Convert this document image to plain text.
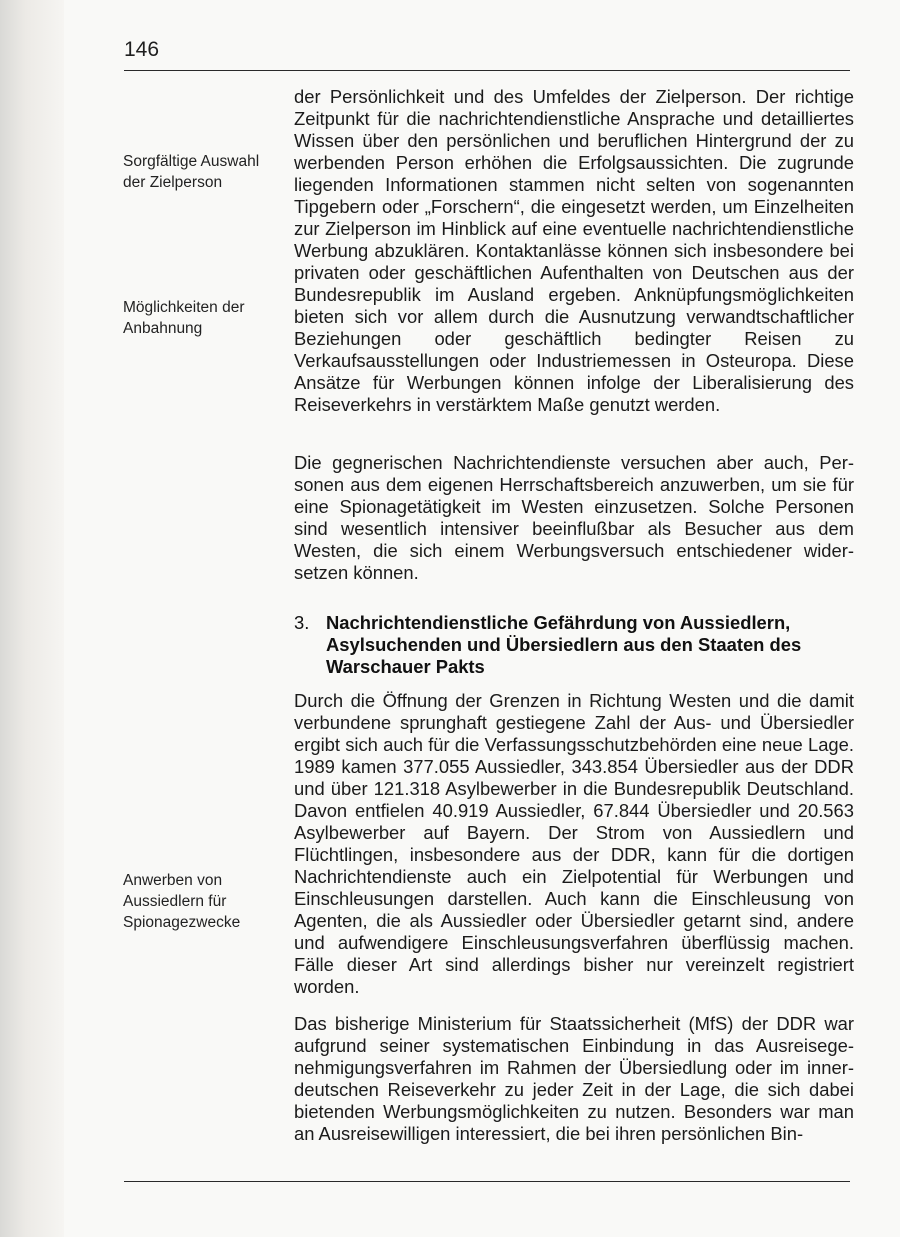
146
Sorgfältige Auswahl der Zielperson
Möglichkeiten der Anbahnung
Anwerben von Aussiedlern für Spionagezwecke
der Persönlichkeit und des Umfeldes der Zielperson. Der richtige Zeitpunkt für die nachrichtendienstliche Ansprache und detailliertes Wissen über den persönlichen und beruflichen Hintergrund der zu werbenden Person erhöhen die Erfolgsaussichten. Die zugrunde liegenden Informationen stammen nicht selten von sogenannten Tipgebern oder „Forschern“, die eingesetzt werden, um Einzelheiten zur Zielperson im Hinblick auf eine eventuelle nachrichtendienstliche Werbung abzuklären. Kontaktanlässe können sich insbesondere bei privaten oder geschäftlichen Aufenthalten von Deutschen aus der Bundesrepublik im Ausland ergeben. Anknüpfungsmöglichkeiten bieten sich vor allem durch die Ausnutzung verwandtschaftlicher Beziehungen oder geschäftlich bedingter Reisen zu Verkaufsausstellungen oder Industriemessen in Osteuropa. Diese Ansätze für Werbungen können infolge der Liberalisierung des Reiseverkehrs in verstärktem Maße genutzt werden.
Die gegnerischen Nachrichtendienste versuchen aber auch, Personen aus dem eigenen Herrschaftsbereich anzuwerben, um sie für eine Spionagetätigkeit im Westen einzusetzen. Solche Personen sind wesentlich intensiver beeinflußbar als Besucher aus dem Westen, die sich einem Werbungsversuch entschiedener widersetzen können.
3. Nachrichtendienstliche Gefährdung von Aussiedlern, Asylsuchenden und Übersiedlern aus den Staaten des Warschauer Pakts
Durch die Öffnung der Grenzen in Richtung Westen und die damit verbundene sprunghaft gestiegene Zahl der Aus- und Übersiedler ergibt sich auch für die Verfassungsschutzbehörden eine neue Lage. 1989 kamen 377.055 Aussiedler, 343.854 Übersiedler aus der DDR und über 121.318 Asylbewerber in die Bundesrepublik Deutschland. Davon entfielen 40.919 Aussiedler, 67.844 Übersiedler und 20.563 Asylbewerber auf Bayern. Der Strom von Aussiedlern und Flüchtlingen, insbesondere aus der DDR, kann für die dortigen Nachrichtendienste auch ein Zielpotential für Werbungen und Einschleusungen darstellen. Auch kann die Einschleusung von Agenten, die als Aussiedler oder Übersiedler getarnt sind, andere und aufwendigere Einschleusungsverfahren überflüssig machen. Fälle dieser Art sind allerdings bisher nur vereinzelt registriert worden.
Das bisherige Ministerium für Staatssicherheit (MfS) der DDR war aufgrund seiner systematischen Einbindung in das Ausreisegenehmigungsverfahren im Rahmen der Übersiedlung oder im innerdeutschen Reiseverkehr zu jeder Zeit in der Lage, die sich dabei bietenden Werbungsmöglichkeiten zu nutzen. Besonders war man an Ausreisewilligen interessiert, die bei ihren persönlichen Bin-
